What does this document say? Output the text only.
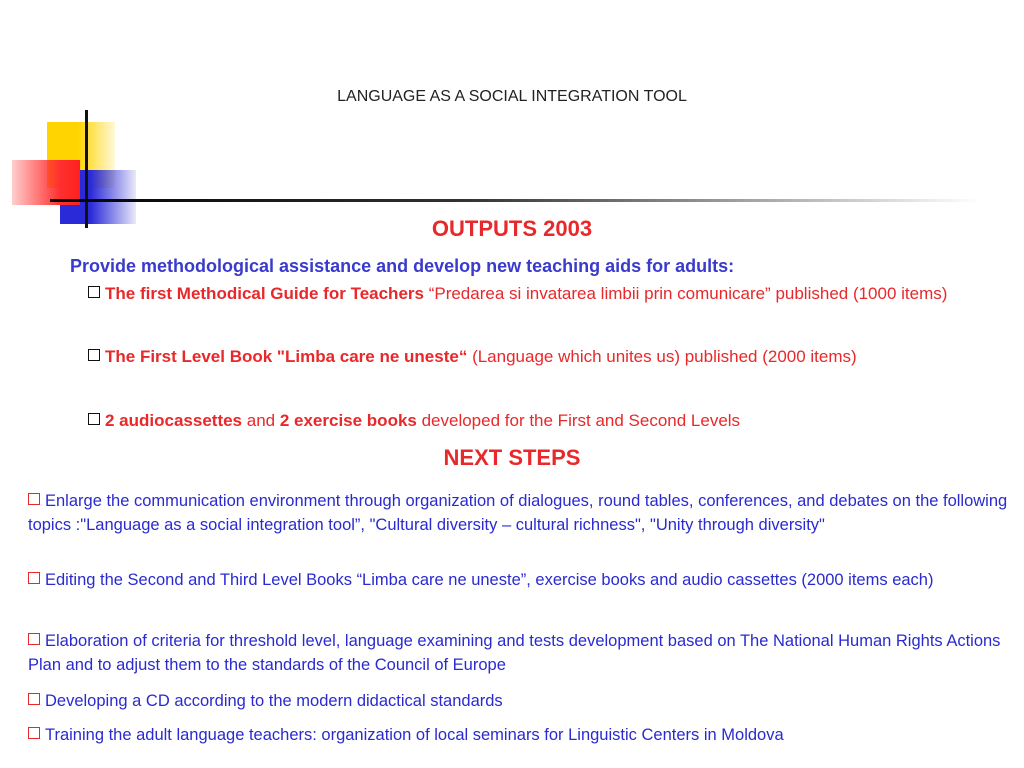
LANGUAGE AS A SOCIAL INTEGRATION TOOL
OUTPUTS 2003
Provide methodological assistance and develop new teaching aids for adults:
The first Methodical Guide for Teachers “Predarea si invatarea limbii prin comunicare” published (1000 items)
The First Level Book "Limba care ne uneste“ (Language which unites us) published (2000 items)
2 audiocassettes and 2 exercise books developed for the First and Second Levels
NEXT STEPS
Enlarge the communication environment through organization of dialogues, round tables, conferences, and debates on the following topics :"Language as a social integration tool”, "Cultural diversity – cultural richness", "Unity through diversity"
Editing the Second and Third Level Books “Limba care ne uneste”, exercise books and audio cassettes (2000 items each)
Elaboration of criteria for threshold level, language examining and tests development based on The National Human Rights Actions Plan and to adjust them to the standards of the Council of Europe
Developing a CD according to the modern didactical standards
Training the adult language teachers: organization of local seminars for Linguistic Centers in Moldova
